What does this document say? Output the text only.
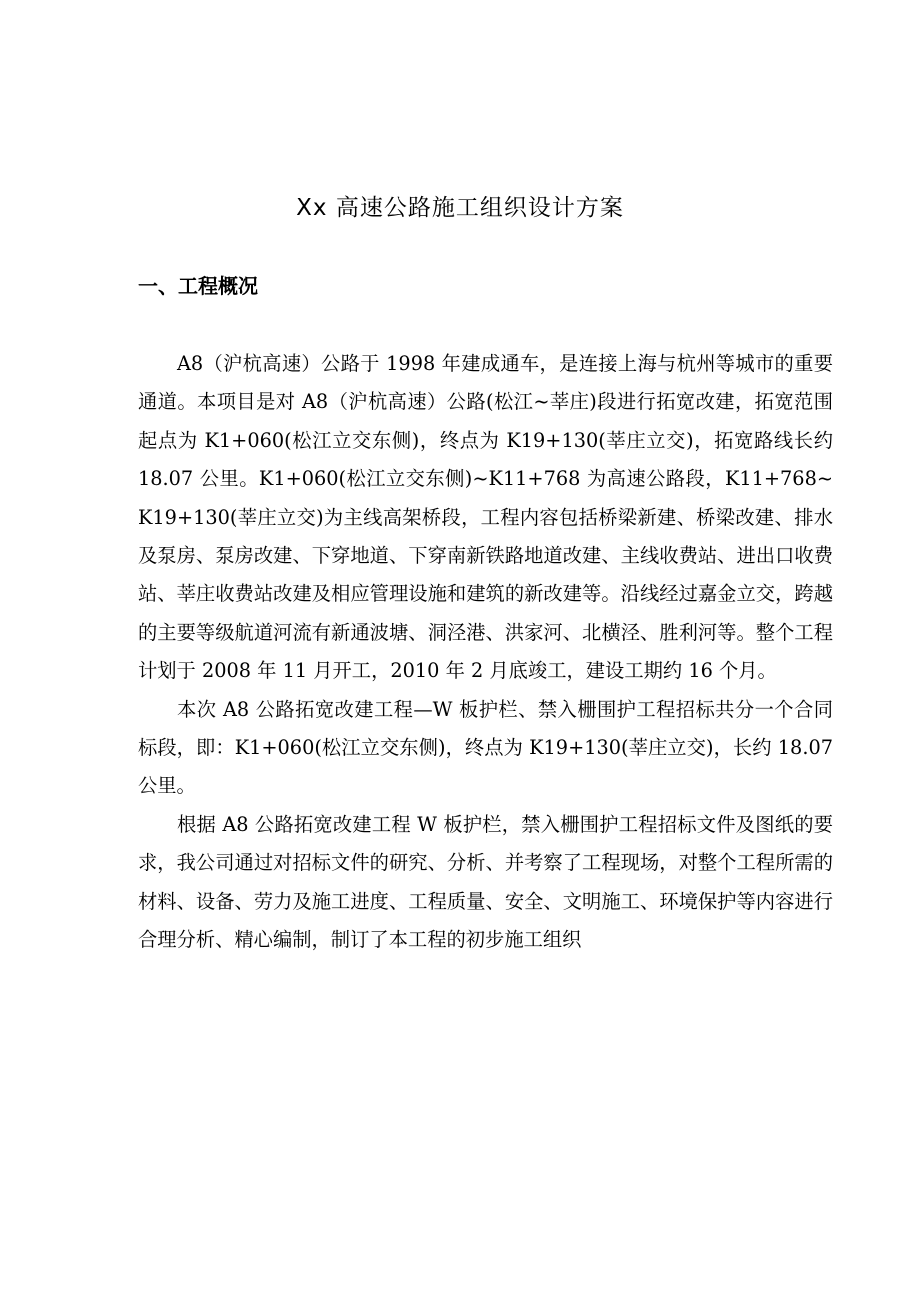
Xx 高速公路施工组织设计方案
一、工程概况

A8（沪杭高速）公路于 1998 年建成通车，是连接上海与杭州等城市的重要通道。本项目是对 A8（沪杭高速）公路(松江~莘庄)段进行拓宽改建，拓宽范围起点为 K1+060(松江立交东侧)，终点为 K19+130(莘庄立交)，拓宽路线长约 18.07 公里。K1+060(松江立交东侧)~K11+768 为高速公路段，K11+768~K19+130(莘庄立交)为主线高架桥段，工程内容包括桥梁新建、桥梁改建、排水及泵房、泵房改建、下穿地道、下穿南新铁路地道改建、主线收费站、进出口收费站、莘庄收费站改建及相应管理设施和建筑的新改建等。沿线经过嘉金立交，跨越的主要等级航道河流有新通波塘、洞泾港、洪家河、北横泾、胜利河等。整个工程计划于 2008 年 11 月开工，2010 年 2 月底竣工，建设工期约 16 个月。

本次 A8 公路拓宽改建工程—W 板护栏、禁入栅围护工程招标共分一个合同标段，即：K1+060(松江立交东侧)，终点为 K19+130(莘庄立交)，长约 18.07 公里。

根据 A8 公路拓宽改建工程 W 板护栏，禁入栅围护工程招标文件及图纸的要求，我公司通过对招标文件的研究、分析、并考察了工程现场，对整个工程所需的材料、设备、劳力及施工进度、工程质量、安全、文明施工、环境保护等内容进行合理分析、精心编制，制订了本工程的初步施工组织
